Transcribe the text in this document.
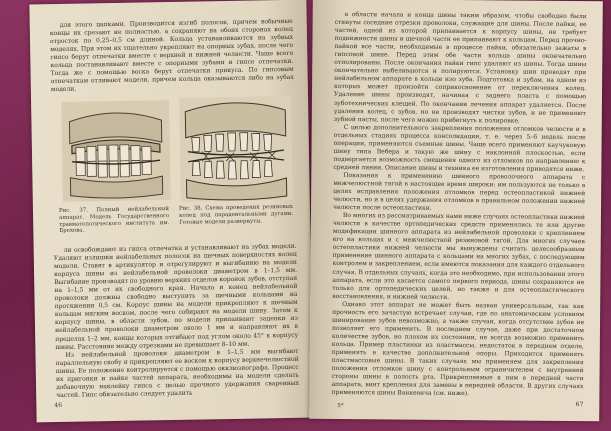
для этого цапками. Производится изгиб полосок, причем вобычные концы их срезают не полностью, а сохраняют на обоих сторонах колец отросток по 0,25–0,5 см длиной. Кольца устанавливаются на зубных моделях. При этом их тщательно укрепляют на опорных зубах, после чего гипсо берут отпечатки вместе с верхней и нижней челюсти. Чаще всего кольца постанавливают вместе с опорными зубами и гипсе отпечатки. Тогда же с помощью воска берут отпечатки прикуса. По гипсовым отпечаткам отливают модели, причем кольца оказываются либо на зубах модели.

Рис. 37. Полный нейлабельный аппарат. Модель Государственного травматологического института им. Брехова.
Рис. 38. Схема проведения резиновых колец под парадентальными дугами. Готовые модели развернуты.

ли освобождают из гипса отпечатка и устанавливают на зубах модели. Удаляют излишки нейлабельных полосок на щечных поверхностях колец модели. Ставят в артикулятор и отрегулируют и выгибанию на модели корпуса шины из нейлабельной проволоки диаметром в 1–1,5 мм. Выгибание производят по уровню верхних отделов коронок зубов, отступая на 1–1,5 мм от их свободного края. Начало и конец нейлабельной проволоки должны свободно выступить за щечными кольцами на протяжении 0,5 см. Корпус шины на модели прикрепляют к щечным кольцам мягким воском, после чего собирают на модели шину. Затем к корпусу шины, в области зубов, по модели припаивают зацепки из нейлабельной проволоки диаметром около 1 мм и направляют их в пределах 1–2 мм, концы которых отгибают под углом около 45° к корпусу шины. Расстояние между отрезками не превышает 8–10 мм.

Из нейлабельной проволоки диаметром в 1–1,5 мм выгибают параллельную скобу и прикрепляют ее воском к корпусу верхнечелюстной шины. Ее положение контролируется с помощью окклюзиографа. Процесс их пригонки и пайке частей аппарата, необходимы на модели сделать добавочную наклейку гипса с целью прочного удержания сваренных частей. Гипс обязательно следует удалить

46

в области начала и конца шины таким образом, чтобы свободно были стянуты соседние отрезки проволоки, служащие для шины. После пайки, ее частей, одной из которой припаивается к корпусу шины, не требует подвижности шины и щечной части ее припаивают к кольцам. Перед прочно-пайкой все части, необходимые в процессе пайки, обязательно зажаты в гипсовой шине. Перед этим обе части кольца шины окончательно отполированы. После окончания пайки гипс удаляют из шины. Тогда шины окончательно выбеливаются и полируются. Установку шин проводят при нейлабельном аппарате в кольце изо зуба. Подготовка и зубам, на одном из которых может произойти соприкосновение от переключения колец. Удаление шины производят, начиная с заднего пласта с помощью зуботехнических клещей. По окончании лечения аппарат удаляется. После удаления колец, с зубов, но не производят чистки зубов, и не применяют зубной пасты, после чего можно прибегнуть к полировке.

С целью дополнительного закрепления положения отломков челюсти и в отдельных стадиях процесса консолидации, т. е. через 5–6 недель после операции, применяются съемные шины. Чаще всего применяют каучуковую шину типа Вебера и такую же шину с наклонной плоскостью, если подвергается возможность смещения одного из отломков по направлению к средней линии. Описание шины и техника ее изготовления приводятся ниже.

Показания к применению шинного проволочного аппарата с межчелюстной тягой в настоящее время широки: им пользуются не только в целях исправления положения отломков перед остеопластикой нижней челюсти, но и в целях удержания отломков в правильном положении нижней челюсти после остеопластики.

Во многих из рассматриваемых нами ниже случаях остеопластики нижней челюсти в качестве ортопедических средств применялись те или другие модификации шинного аппарата из нейлабельной проволоки с креплением его на кольцах и с межчелюстной резиновой тягой. Для многих случаев остеопластики нижней челюсти мы вынуждены считать целесообразным применение шинного аппарата с кольцами на многих зубах, с последующим контролем и закреплением, если имеются показания для каждого отдельного случая. В отдельных случаях, когда это необходимо, при использовании этого аппарата, если это касается самого первого периода, шины сохраняются не только для ортопедических целей, но также и для остеопластического восстановления, и нижней челюсти.

Однако этот аппарат не может быть назван универсальным, так как прочность его зачастую встречает случаи, где по анатомическим условиям шинирование зубов невозможно, а также случаи, когда отсутствие зубов не позволяет его применить. В последнем случае, даже при достаточном количестве зубов, но плохом их состоянии, не всегда возможно применить кольца. Пример пластинки из пластмассы, недостаток в переднем отделе, применять в качестве дополнительной опоры. Приходится применять пластмассовые шины. В таких случаях мы применяем для закрепления положения отломков шину с контрольным ограничителем с внутренней стороны шины в полость рта. Прикрепляемые к ним в передней части аппарата, винт крепления для замены в передней области. В других случаях применяются шины Ванкевича (см. ниже).

5*	67
